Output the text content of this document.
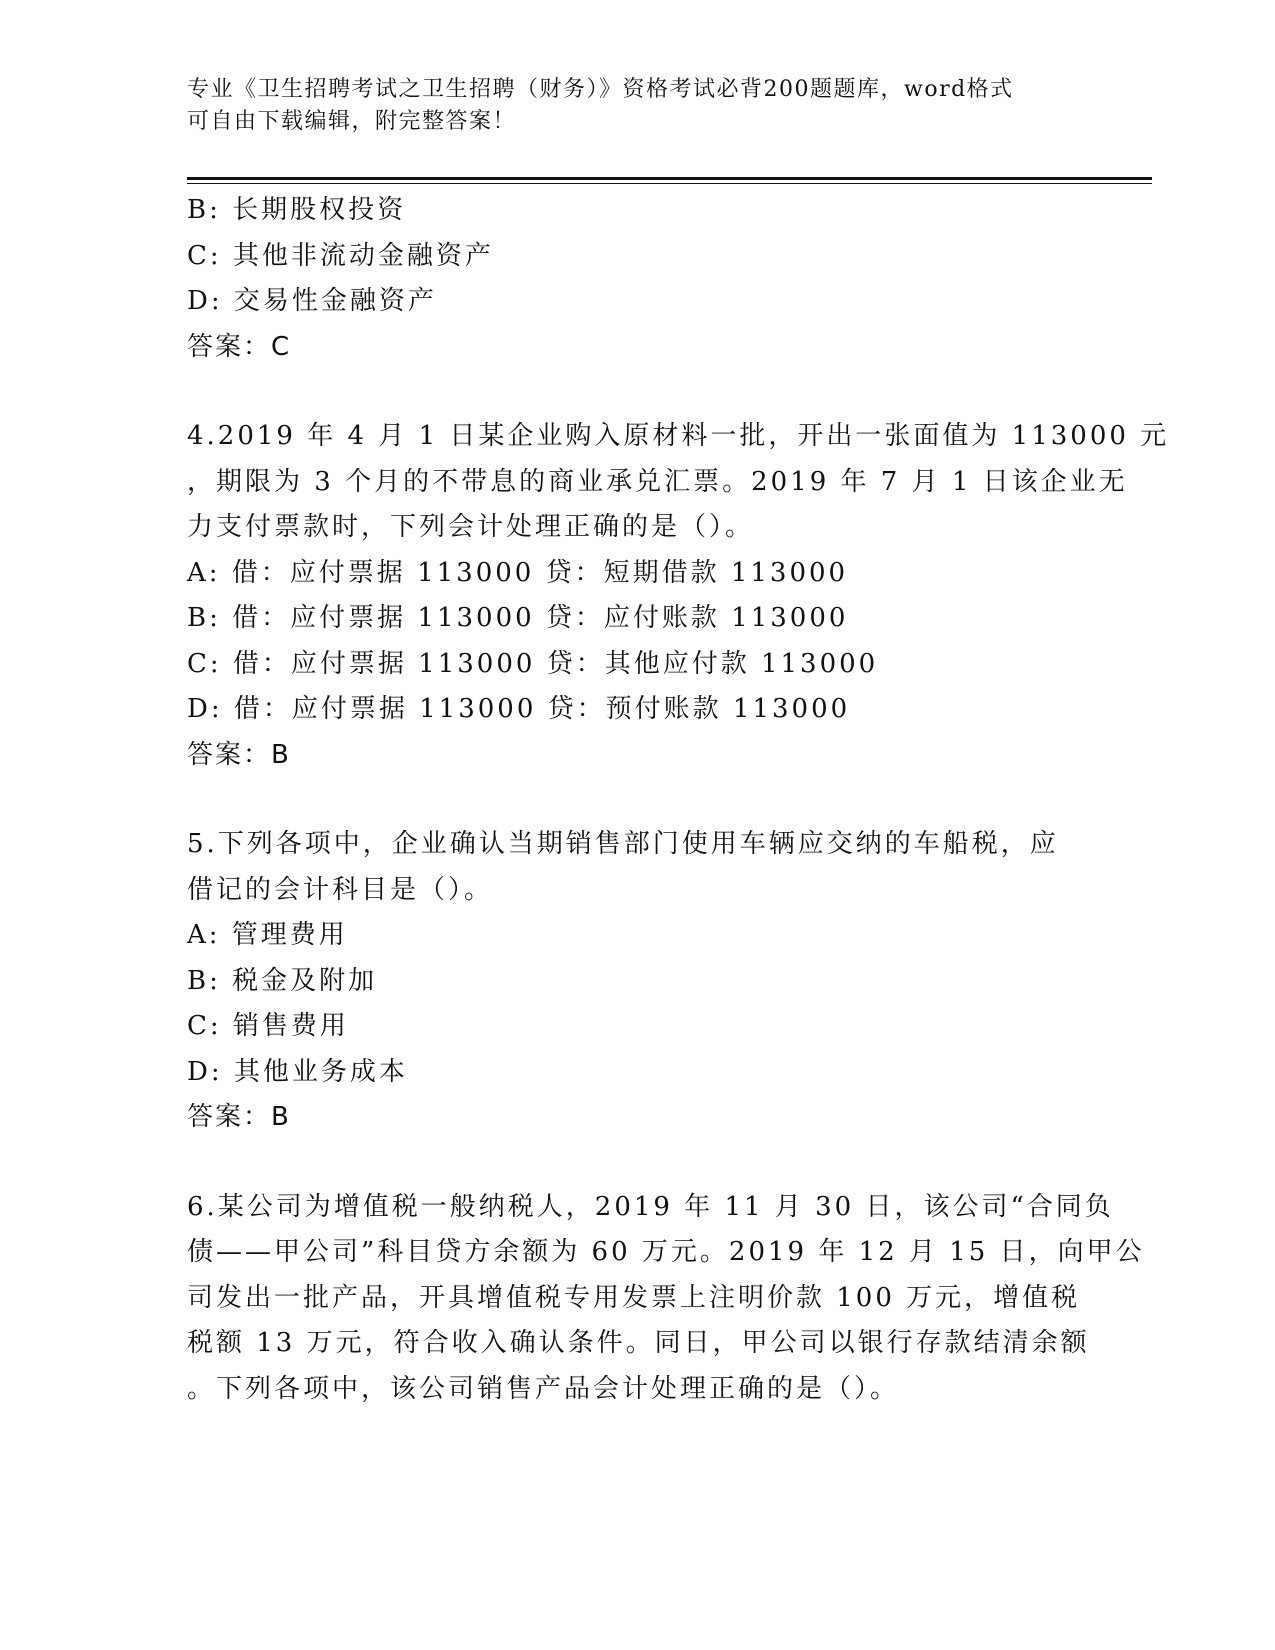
专业《卫生招聘考试之卫生招聘（财务）》资格考试必背200题题库，word格式
可自由下载编辑，附完整答案！
B: 长期股权投资
C: 其他非流动金融资产
D: 交易性金融资产
答案：C
4.2019 年 4 月 1 日某企业购入原材料一批，开出一张面值为 113000 元
，期限为 3 个月的不带息的商业承兑汇票。2019 年 7 月 1 日该企业无
力支付票款时，下列会计处理正确的是（）。
A: 借：应付票据 113000 贷：短期借款 113000
B: 借：应付票据 113000 贷：应付账款 113000
C: 借：应付票据 113000 贷：其他应付款 113000
D: 借：应付票据 113000 贷：预付账款 113000
答案：B
5.下列各项中，企业确认当期销售部门使用车辆应交纳的车船税，应
借记的会计科目是（）。
A: 管理费用
B: 税金及附加
C: 销售费用
D: 其他业务成本
答案：B
6.某公司为增值税一般纳税人，2019 年 11 月 30 日，该公司“合同负
债——甲公司”科目贷方余额为 60 万元。2019 年 12 月 15 日，向甲公
司发出一批产品，开具增值税专用发票上注明价款 100 万元，增值税
税额 13 万元，符合收入确认条件。同日，甲公司以银行存款结清余额
。下列各项中，该公司销售产品会计处理正确的是（）。
